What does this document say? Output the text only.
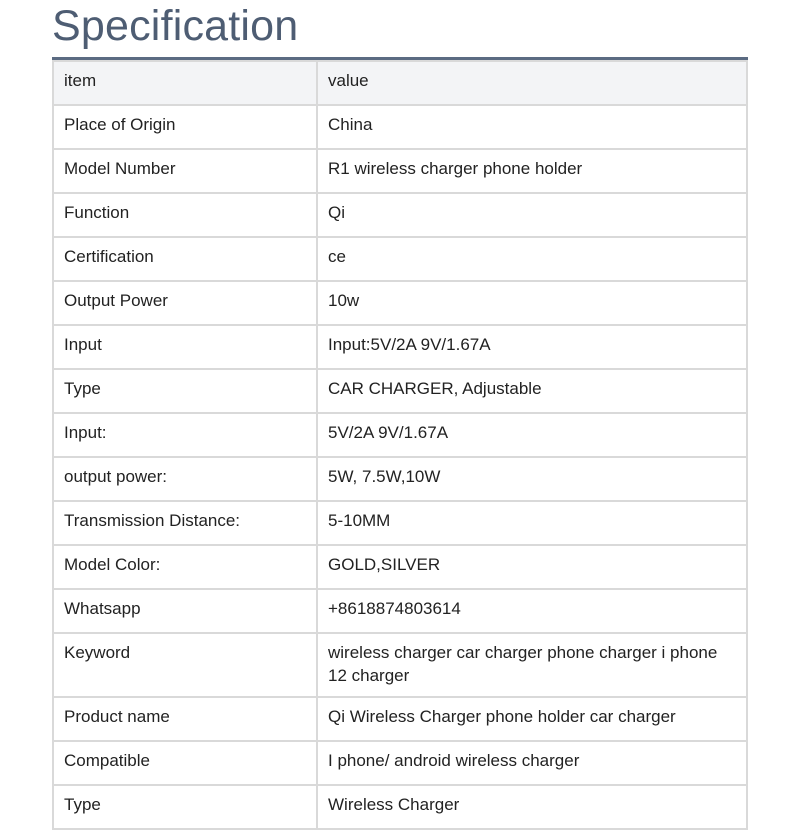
Specification
item	value
Place of Origin	China
Model Number	R1 wireless charger phone holder
Function	Qi
Certification	ce
Output Power	10w
Input	Input:5V/2A 9V/1.67A
Type	CAR CHARGER, Adjustable
Input:	5V/2A 9V/1.67A
output power:	5W, 7.5W,10W
Transmission Distance:	5-10MM
Model Color:	GOLD,SILVER
Whatsapp	+8618874803614
Keyword	wireless charger car charger phone charger i phone 12 charger
Product name	Qi Wireless Charger phone holder car charger
Compatible	I phone/ android wireless charger
Type	Wireless Charger
